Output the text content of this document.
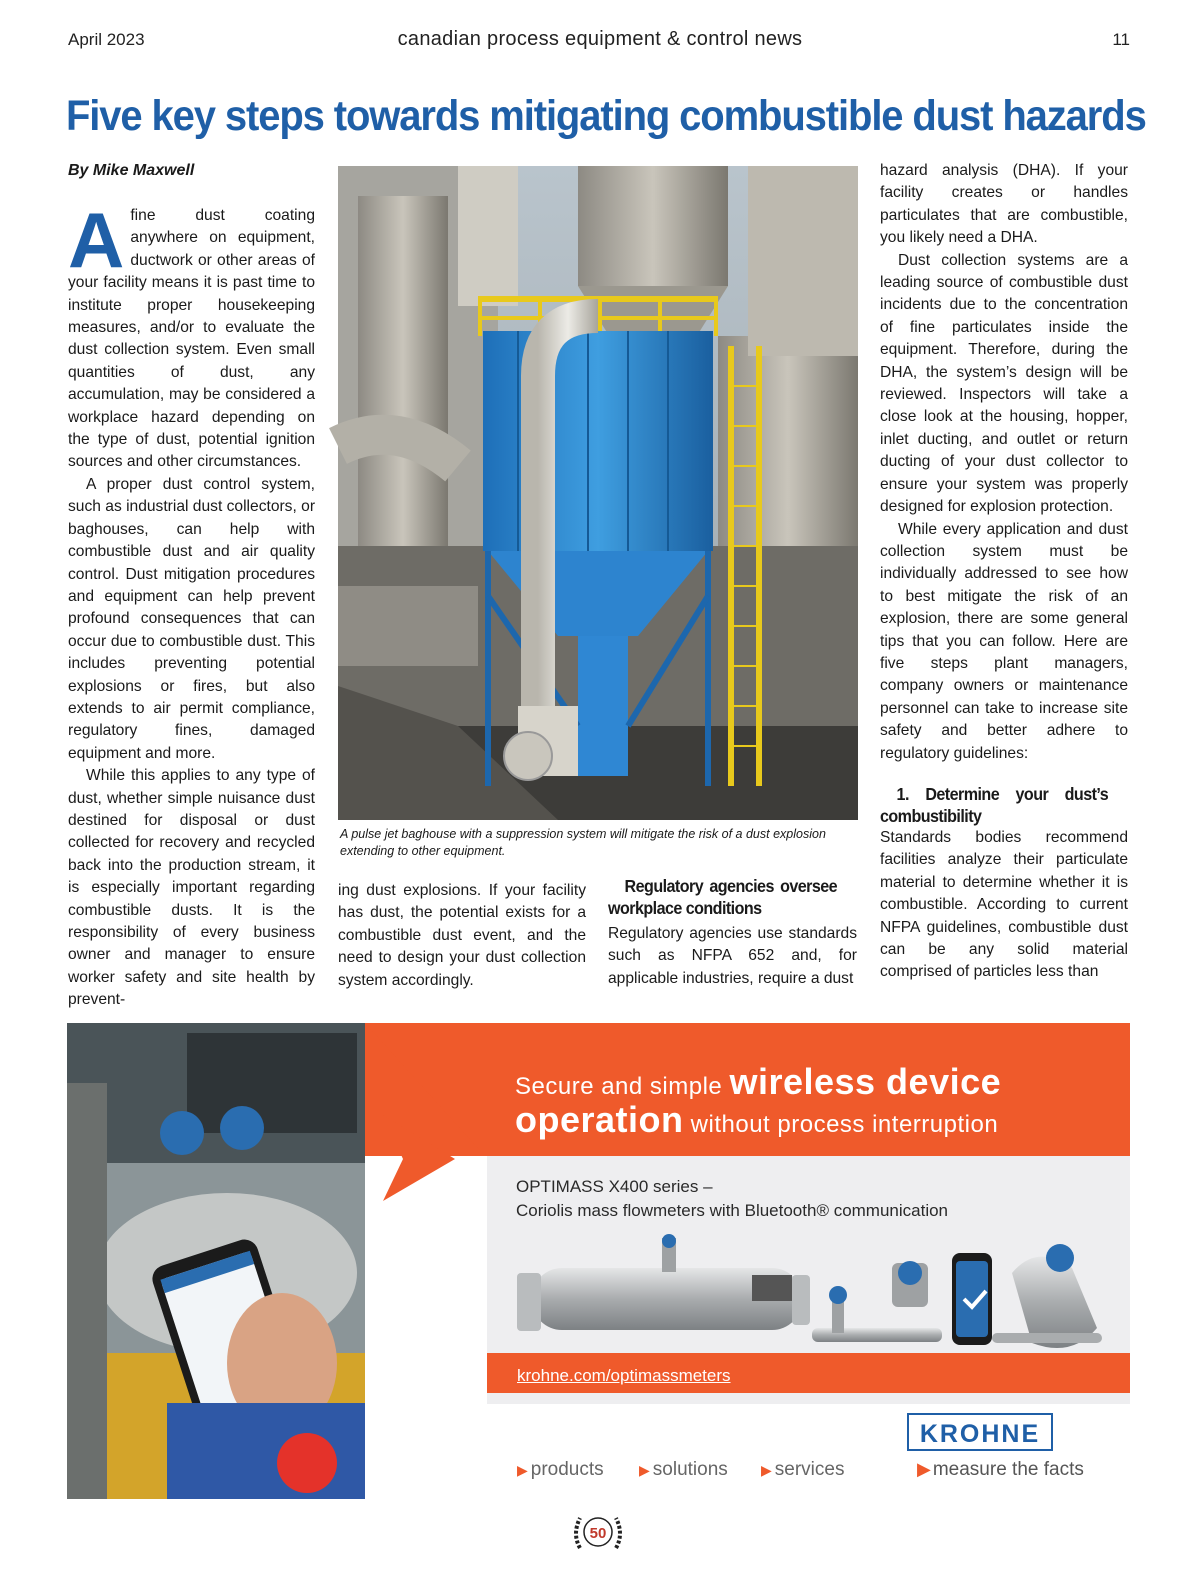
April 2023	canadian process equipment & control news	11
Five key steps towards mitigating combustible dust hazards
By Mike Maxwell

Afine dust coating anywhere on equipment, ductwork or other areas of your facility means it is past time to institute proper housekeeping measures, and/or to evaluate the dust collection system. Even small quantities of dust, any accumulation, may be considered a workplace hazard depending on the type of dust, potential ignition sources and other circumstances.

A proper dust control system, such as industrial dust collectors, or baghouses, can help with combustible dust and air quality control. Dust mitigation procedures and equipment can help prevent profound consequences that can occur due to combustible dust. This includes preventing potential explosions or fires, but also extends to air permit compliance, regulatory fines, damaged equipment and more.

While this applies to any type of dust, whether simple nuisance dust destined for disposal or dust collected for recovery and recycled back into the production stream, it is especially important regarding combustible dusts. It is the responsibility of every business owner and manager to ensure worker safety and site health by prevent-

A pulse jet baghouse with a suppression system will mitigate the risk of a dust explosion extending to other equipment.

ing dust explosions. If your facility has dust, the potential exists for a combustible dust event, and the need to design your dust collection system accordingly.

Regulatory agencies oversee workplace conditions

Regulatory agencies use standards such as NFPA 652 and, for applicable industries, require a dust

hazard analysis (DHA). If your facility creates or handles particulates that are combustible, you likely need a DHA.

Dust collection systems are a leading source of combustible dust incidents due to the concentration of fine particulates inside the equipment. Therefore, during the DHA, the system’s design will be reviewed. Inspectors will take a close look at the housing, hopper, inlet ducting, and outlet or return ducting of your dust collector to ensure your system was properly designed for explosion protection.

While every application and dust collection system must be individually addressed to see how to best mitigate the risk of an explosion, there are some general tips that you can follow. Here are five steps plant managers, company owners or maintenance personnel can take to increase site safety and better adhere to regulatory guidelines:

1. Determine your dust’s combustibility

Standards bodies recommend facilities analyze their particulate material to determine whether it is combustible. According to current NFPA guidelines, combustible dust can be any solid material comprised of particles less than

Secure and simple wireless device
operation without process interruption
OPTIMASS X400 series –
Coriolis mass flowmeters with Bluetooth® communication
krohne.com/optimassmeters
▶ products	▶ solutions ▶ services
KROHNE
▶ measure the facts
50
